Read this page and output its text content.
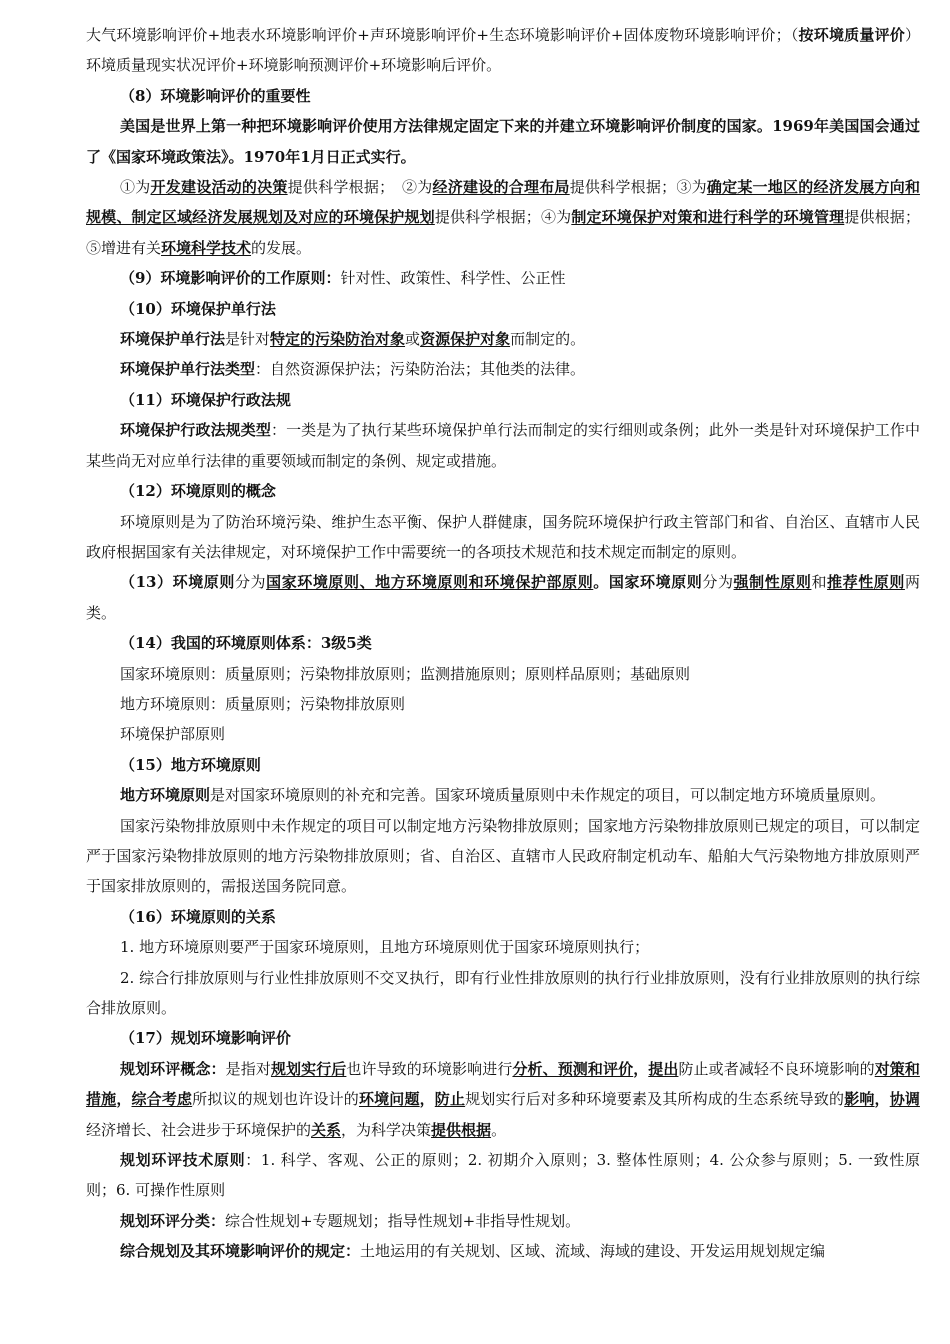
大气环境影响评价+地表水环境影响评价+声环境影响评价+生态环境影响评价+固体废物环境影响评价；（按环境质量评价）环境质量现实状况评价+环境影响预测评价+环境影响后评价。

（8）环境影响评价的重要性

美国是世界上第一种把环境影响评价使用方法律规定固定下来的并建立环境影响评价制度的国家。1969年美国国会通过了《国家环境政策法》。1970年1月日正式实行。

①为开发建设活动的决策提供科学根据；　②为经济建设的合理布局提供科学根据；③为确定某一地区的经济发展方向和规模、制定区域经济发展规划及对应的环境保护规划提供科学根据；④为制定环境保护对策和进行科学的环境管理提供根据；⑤增进有关环境科学技术的发展。

（9）环境影响评价的工作原则：针对性、政策性、科学性、公正性

（10）环境保护单行法

环境保护单行法是针对特定的污染防治对象或资源保护对象而制定的。

环境保护单行法类型：自然资源保护法；污染防治法；其他类的法律。

（11）环境保护行政法规

环境保护行政法规类型：一类是为了执行某些环境保护单行法而制定的实行细则或条例；此外一类是针对环境保护工作中某些尚无对应单行法律的重要领域而制定的条例、规定或措施。

（12）环境原则的概念

环境原则是为了防治环境污染、维护生态平衡、保护人群健康，国务院环境保护行政主管部门和省、自治区、直辖市人民政府根据国家有关法律规定，对环境保护工作中需要统一的各项技术规范和技术规定而制定的原则。

（13）环境原则分为国家环境原则、地方环境原则和环境保护部原则。国家环境原则分为强制性原则和推荐性原则两类。

（14）我国的环境原则体系：3级5类

国家环境原则：质量原则；污染物排放原则；监测措施原则；原则样品原则；基础原则

地方环境原则：质量原则；污染物排放原则

环境保护部原则

（15）地方环境原则

地方环境原则是对国家环境原则的补充和完善。国家环境质量原则中未作规定的项目，可以制定地方环境质量原则。

国家污染物排放原则中未作规定的项目可以制定地方污染物排放原则；国家地方污染物排放原则已规定的项目，可以制定严于国家污染物排放原则的地方污染物排放原则；省、自治区、直辖市人民政府制定机动车、船舶大气污染物地方排放原则严于国家排放原则的，需报送国务院同意。

（16）环境原则的关系

1. 地方环境原则要严于国家环境原则，且地方环境原则优于国家环境原则执行；

2. 综合行排放原则与行业性排放原则不交叉执行，即有行业性排放原则的执行行业排放原则，没有行业排放原则的执行综合排放原则。

（17）规划环境影响评价

规划环评概念：是指对规划实行后也许导致的环境影响进行分析、预测和评价，提出防止或者减轻不良环境影响的对策和措施，综合考虑所拟议的规划也许设计的环境问题，防止规划实行后对多种环境要素及其所构成的生态系统导致的影响，协调经济增长、社会进步于环境保护的关系，为科学决策提供根据。

规划环评技术原则：1. 科学、客观、公正的原则；2. 初期介入原则；3. 整体性原则；4. 公众参与原则；5. 一致性原则；6. 可操作性原则

规划环评分类：综合性规划+专题规划；指导性规划+非指导性规划。

综合规划及其环境影响评价的规定：土地运用的有关规划、区域、流域、海域的建设、开发运用规划规定编
